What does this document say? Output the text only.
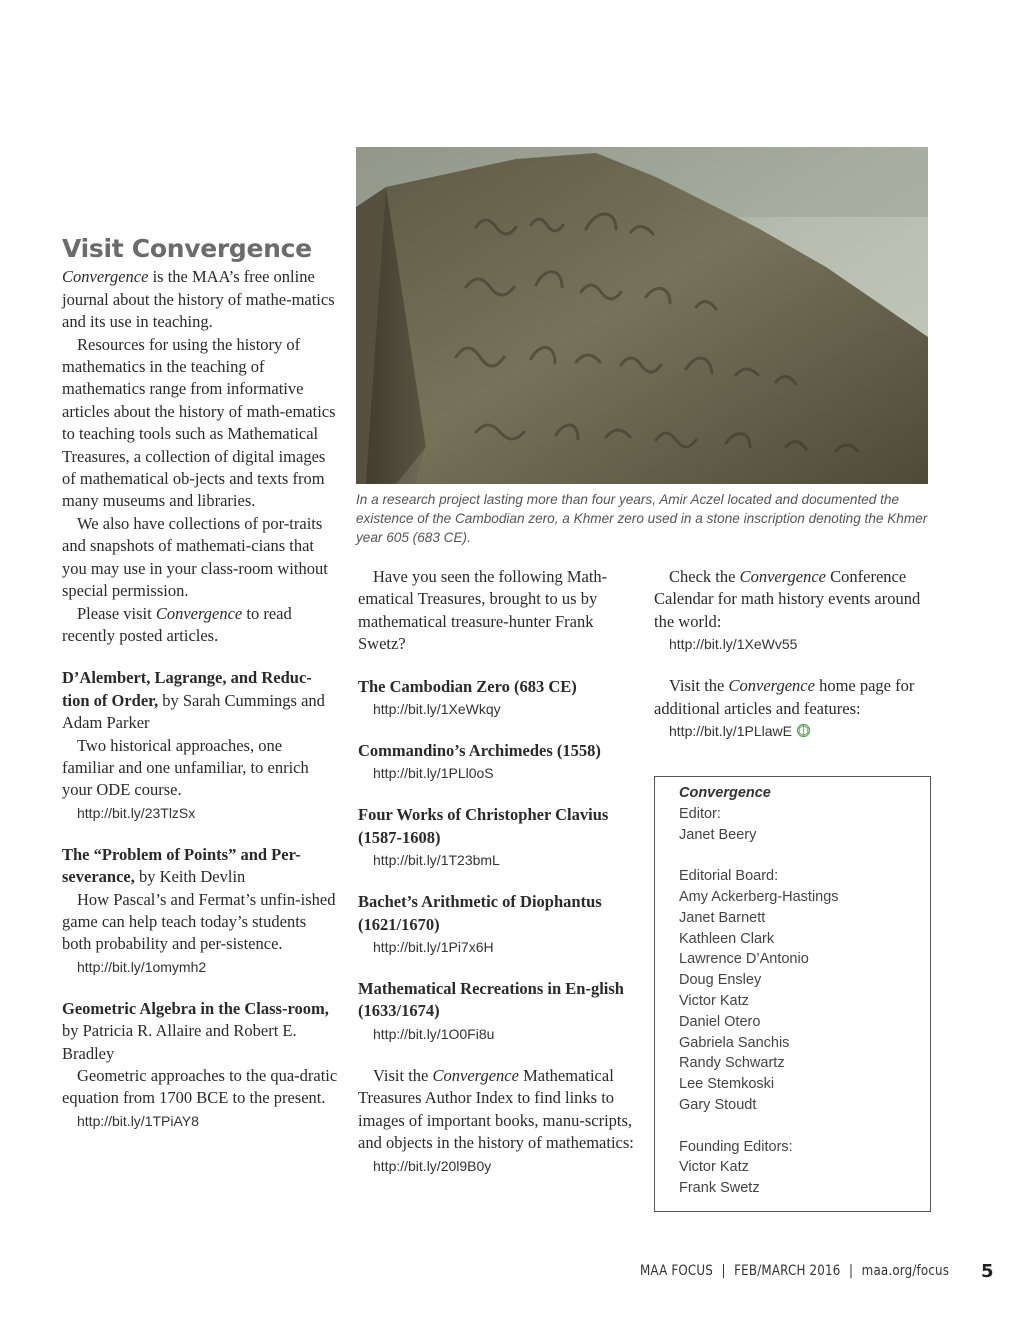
Visit Convergence

Convergence is the MAA’s free online journal about the history of mathe-matics and its use in teaching.

Resources for using the history of mathematics in the teaching of mathematics range from informative articles about the history of math-ematics to teaching tools such as Mathematical Treasures, a collection of digital images of mathematical ob-jects and texts from many museums and libraries.

We also have collections of por-traits and snapshots of mathemati-cians that you may use in your class-room without special permission.

Please visit Convergence to read recently posted articles.

D’Alembert, Lagrange, and Reduc-tion of Order, by Sarah Cummings and Adam Parker

Two historical approaches, one familiar and one unfamiliar, to enrich your ODE course.

http://bit.ly/23TlzSx

The “Problem of Points” and Per-severance, by Keith Devlin

How Pascal’s and Fermat’s unfin-ished game can help teach today’s students both probability and per-sistence.

http://bit.ly/1omymh2

Geometric Algebra in the Class-room, by Patricia R. Allaire and Robert E. Bradley

Geometric approaches to the qua-dratic equation from 1700 BCE to the present.

http://bit.ly/1TPiAY8
In a research project lasting more than four years, Amir Aczel located and documented the existence of the Cambodian zero, a Khmer zero used in a stone inscription denoting the Khmer year 605 (683 CE).

Have you seen the following Math-ematical Treasures, brought to us by mathematical treasure-hunter Frank Swetz?

The Cambodian Zero (683 CE)

http://bit.ly/1XeWkqy

Commandino’s Archimedes (1558)

http://bit.ly/1PLl0oS

Four Works of Christopher Clavius (1587-1608)

http://bit.ly/1T23bmL

Bachet’s Arithmetic of Diophantus (1621/1670)

http://bit.ly/1Pi7x6H

Mathematical Recreations in En-glish (1633/1674)

http://bit.ly/1O0Fi8u

Visit the Convergence Mathematical Treasures Author Index to find links to images of important books, manu-scripts, and objects in the history of mathematics:

http://bit.ly/20l9B0y

Check the Convergence Conference Calendar for math history events around the world:

http://bit.ly/1XeWv55

Visit the Convergence home page for additional articles and features:

http://bit.ly/1PLlawE
Convergence
Editor:
Janet Beery
Editorial Board:
Amy Ackerberg-Hastings
Janet Barnett
Kathleen Clark
Lawrence D’Antonio
Doug Ensley
Victor Katz
Daniel Otero
Gabriela Sanchis
Randy Schwartz
Lee Stemkoski
Gary Stoudt
Founding Editors:
Victor Katz
Frank Swetz
MAA FOCUS | FEB/MARCH 2016 | maa.org/focus 5
